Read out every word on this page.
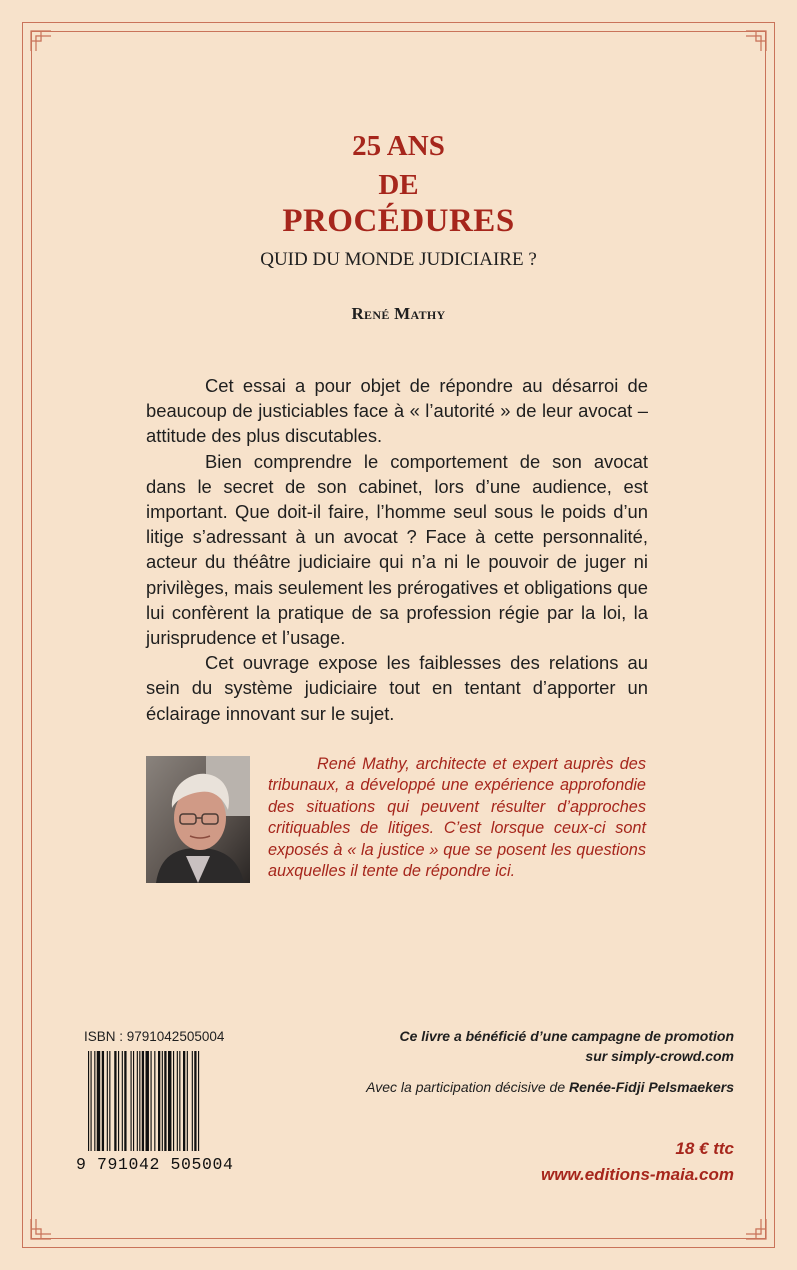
25 ANS
DE
PROCÉDURES
QUID DU MONDE JUDICIAIRE ?
René Mathy

Cet essai a pour objet de répondre au désarroi de beaucoup de justiciables face à « l’autorité » de leur avocat – attitude des plus discutables.

Bien comprendre le comportement de son avocat dans le secret de son cabinet, lors d’une audience, est important. Que doit-il faire, l’homme seul sous le poids d’un litige s’adressant à un avocat ? Face à cette personnalité, acteur du théâtre judiciaire qui n’a ni le pouvoir de juger ni privilèges, mais seulement les prérogatives et obligations que lui confèrent la pratique de sa profession régie par la loi, la jurisprudence et l’usage.

Cet ouvrage expose les faiblesses des relations au sein du système judiciaire tout en tentant d’apporter un éclairage innovant sur le sujet.

René Mathy, architecte et expert auprès des tribunaux, a développé une expérience approfondie des situations qui peuvent résulter d’approches critiquables de litiges. C’est lorsque ceux-ci sont exposés à « la justice » que se posent les questions auxquelles il tente de répondre ici.
ISBN : 9791042505004
9 791042 505004
Ce livre a bénéficié d’une campagne de promotion
sur simply-crowd.com
Avec la participation décisive de Renée-Fidji Pelsmaekers
18 € ttc
www.editions-maia.com
